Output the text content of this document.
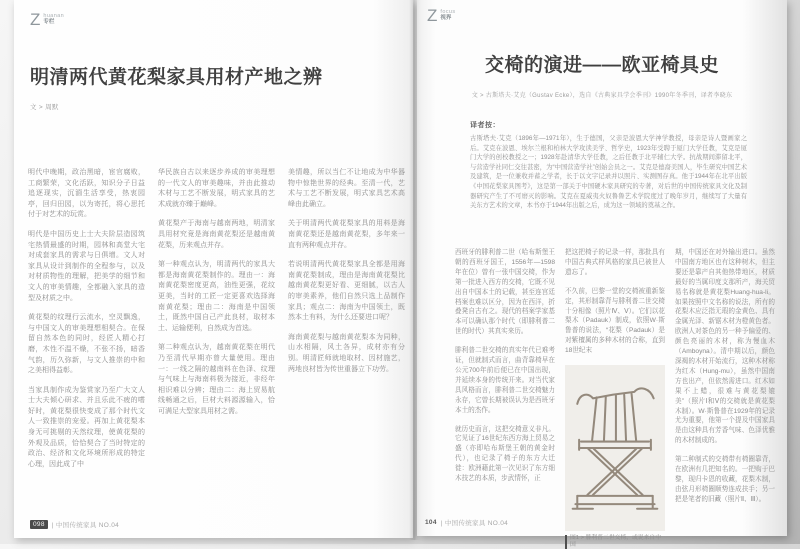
Z huanan
专栏
明清两代黄花梨家具用材产地之辨
文 > 周默

明代中晚期，政治黑暗，宦官腐败，工商繁荣，文化活跃，知识分子日益追逐现实，沉湎生活享受，热衷园亭，回归田园，以为寄托，将心思托付于对艺术的玩赏。

明代是中国历史上士大夫阶层造园筑宅热情最盛的时期，园林和高堂大宅对成套家具的需求与日俱增。文人对家具从设计到制作的全程参与，以及对材质物性的理解，把美学的细节和文人的审美情趣，全都融入家具的造型及材质之中。

黄花梨的纹理行云流水，空灵飘逸，与中国文人的审美理想相契合。在保留自然本色的同时，经匠人精心打磨，木性不温不燥，不张不扬，暗香气韵，历久弥新，与文人推崇的中和之美相得益彰。

当家具制作成为鉴赏家乃至广大文人士大夫倾心研求、并且乐此不疲的嗜好时，黄花梨很快变成了那个时代文人一致推崇的宠爱。再加上黄花梨本身无可挑剔的天然纹理，使黄花梨的外观及品质，恰恰契合了当时特定的政治、经济和文化环境所形成的特定心理，因此成了中

华民族自古以来逐步养成的审美理想的一代文人的审美趣味，并由此推动木材与工艺不断发展，明式家具的艺术成就亦臻于巅峰。

黄花梨产于海南与越南两地，明清家具用材究竟是海南黄花梨还是越南黄花梨，历来观点并存。

第一种观点认为，明清两代的家具大都是海南黄花梨制作的。理由一：海南黄花梨密度更高，油性更强，花纹更美，当时的工匠一定更喜欢选择海南黄花梨；理由二：海南是中国领土，既然中国自己产此良材，取材本土、运输便利，自然成为首选。

第二种观点认为，越南黄花梨在明代乃至清代早期亦曾大量使用。理由一：一线之隔的越南料在色泽、纹理与气味上与海南料极为接近，非经年相识难以分辨；理由二：海上贸易航线畅通之后，巨材大料源源输入，恰可满足大型家具用材之需。

美情趣，所以当仁不让地成为中华器物中惊艳世界的经典。至清一代，艺术与工艺不断发展，明式家具艺术高峰由此确立。

关于明清两代黄花梨家具的用料是海南黄花梨还是越南黄花梨，多年来一直有两种观点并存。

若说明清两代黄花梨家具全都是用海南黄花梨制成，理由是海南黄花梨比越南黄花梨更好看、更细腻，以古人的审美素养，他们自然只选上品制作家具；观点二：海南为中国领土，既然本土有料，为什么还要进口呢？

海南黄花梨与越南黄花梨本为同种，山水相隔，风土各异，成材亦有分别。明清匠师就地取材、因材施艺，两地良材皆为传世重器立下功劳。

098	| 中国传统家具 NO.04
Z focus
视界
交椅的演进——欧亚椅具史
文 > 古斯塔夫·艾克（Gustav Ecke），选自《古典家具学会季刊》1990年冬季刊，译者李晓东
译者按：

古斯塔夫·艾克（1896年—1971年），生于德国，父亲是波恩大学神学教授，母亲是诗人暨画家之后。艾克在波恩、埃尔兰根和柏林大学攻读美学、哲学史，1923年受聘于厦门大学任教，艾克是厦门大学的创校教授之一；1928年赴清华大学任教，之后任教于北平辅仁大学。抗战期间滞留北平，与营造学社同仁交往甚密，为“中国营造学社”创始会员之一。艾克是德裔美国人，毕生研究中国艺术及建筑，是一位兼收并蓄之学者，长于以文字记录并以照片、实测图存真。他于1944年在北平出版《中国花梨家具图考》，这是第一部关于中国硬木家具研究的专著，对后世的中国传统家具文化及制器研究产生了不可磨灭的影响。艾克在夏威夷火奴鲁鲁艺术学院度过了晚年岁月，继续写了大量有关东方艺术的文章，本书亦于1944年出版之后，成为这一领域的奠基之作。

西班牙的腓利普二世（哈布斯堡王朝的西班牙国王，1556年—1598年在位）曾有一张中国交椅，作为第一批进入西方的交椅，它既不见出自中国本土的记载，甚至连宫廷档案也难以区分，因为在西洋，折叠凳自古有之。现代的档案学家基本可以确认那个时代（即腓利普二世的时代）其真实来历。

腓利普二世交椅的真实年代已难考证，但就制式而言，曲背靠椅早在公元700年前后便已在中国出现，并延续本身的传统开来。对当代家具风格而言，腓利普二世交椅魅力永存，它曾长期被误认为是西班牙本土的杰作。

就历史而言，这把交椅意义非凡。它见证了16世纪东西方海上贸易之盛（亦即哈布斯堡王朝的黄金时代），也记录了椅子的东方大迁徙：欧洲藉此第一次见识了东方细木技艺的本质，步武情怀，正

把这把椅子的记录一样，那批具有中国古典式样风格的家具已被世人遗忘了。

不久前，巴黎一堂的交椅被重新鉴定，其形制靠背与腓利普二世交椅十分相像（照片Ⅳ、Ⅴ）。它们以花梨木（Padauk）制成，依照W·斯鲁普的说法，“花梨（Padauk）是对紫檀属的多种木材的合称，直到18世纪末

图1 > 腓利普二世交椅，或说来自中国

期，中国还在对外输出进口。虽然中国南方地区也有这种树木，但主要还是靠产自其他热带地区，材质最好的当属印度支那所产，海关贸易名称就是黄花梨Huang-hua-li。如果按照中文名称的说法，所有的花梨木应泛指无瑕的金黄色、具有金属光泽、新锯木材为橙黄色者。欧洲人对茶色的另一种予偏爱的、颜色亮丽的木材，称为慢血木（Amboyna）。清中期以后，颜色深褐的木材开始流行，这种木材称为红木（Hung-mu），虽然中国南方也出产，但依然需进口。红木如果不上蜡，很难与黄花梨媲美”（照片Ⅰ和Ⅴ的交椅就是黄花梨木制）。W·斯鲁普在1929年的记录尤为重要，他第一个提及中国家具是由这种具有芳香气味、色泽优雅的木材制成的。

第二种制式的交椅带有椅圈靠背，在欧洲有几把知名的。一把购于巴黎，现归卡恩的收藏，花梨木制，由弦月形椅圈顺势连成扶手；另一把是笔者的旧藏（照片Ⅱ、Ⅲ）。

104 | 中国传统家具 NO.04
